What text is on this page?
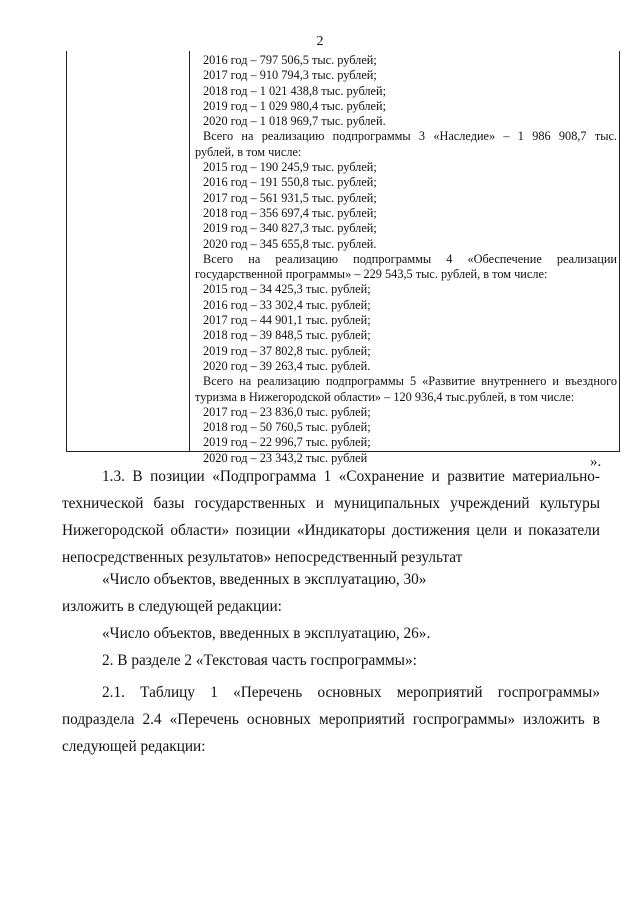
2
2016 год – 797 506,5 тыс. рублей;
2017 год – 910 794,3 тыс. рублей;
2018 год – 1 021 438,8 тыс. рублей;
2019 год – 1 029 980,4 тыс. рублей;
2020 год – 1 018 969,7 тыс. рублей.
Всего на реализацию подпрограммы 3 «Наследие» – 1 986 908,7 тыс.
рублей, в том числе:
2015 год – 190 245,9 тыс. рублей;
2016 год – 191 550,8 тыс. рублей;
2017 год – 561 931,5 тыс. рублей;
2018 год – 356 697,4 тыс. рублей;
2019 год – 340 827,3 тыс. рублей;
2020 год – 345 655,8 тыс. рублей.
Всего на реализацию подпрограммы 4 «Обеспечение реализации
государственной программы» – 229 543,5 тыс. рублей, в том числе:
2015 год – 34 425,3 тыс. рублей;
2016 год – 33 302,4 тыс. рублей;
2017 год – 44 901,1 тыс. рублей;
2018 год – 39 848,5 тыс. рублей;
2019 год – 37 802,8 тыс. рублей;
2020 год – 39 263,4 тыс. рублей.
Всего на реализацию подпрограммы 5 «Развитие внутреннего и въездного
туризма в Нижегородской области» – 120 936,4 тыс.рублей, в том числе:
2017 год – 23 836,0 тыс. рублей;
2018 год – 50 760,5 тыс. рублей;
2019 год – 22 996,7 тыс. рублей;
2020 год – 23 343,2 тыс. рублей	».
1.3. В позиции «Подпрограмма 1 «Сохранение и развитие материально-технической базы государственных и муниципальных учреждений культуры Нижегородской области» позиции «Индикаторы достижения цели и показатели непосредственных результатов» непосредственный результат
«Число объектов, введенных в эксплуатацию, 30»
изложить в следующей редакции:
«Число объектов, введенных в эксплуатацию, 26».
2. В разделе 2 «Текстовая часть госпрограммы»:
2.1. Таблицу 1 «Перечень основных мероприятий госпрограммы» подраздела 2.4 «Перечень основных мероприятий госпрограммы» изложить в следующей редакции:
